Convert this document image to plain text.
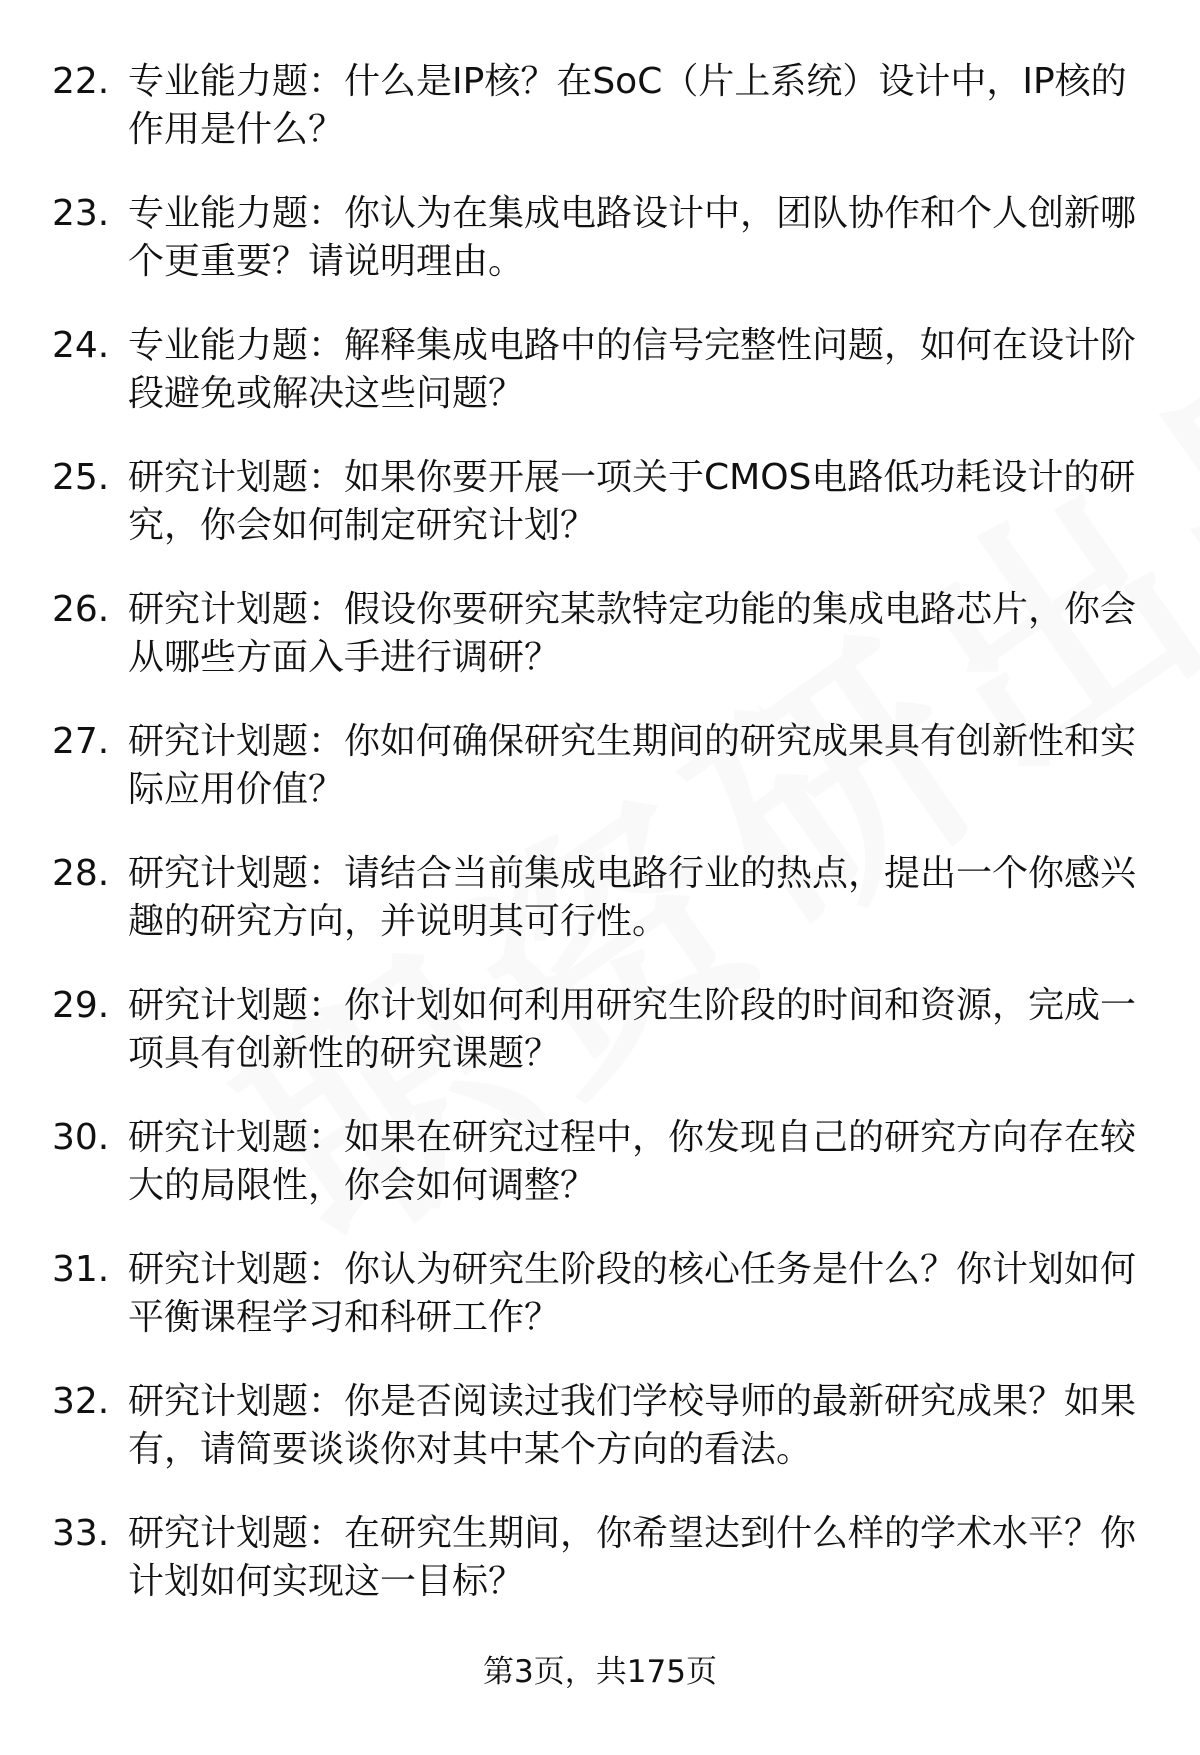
22. 专业能力题：什么是IP核？在SoC（片上系统）设计中，IP核的作用是什么？
23. 专业能力题：你认为在集成电路设计中，团队协作和个人创新哪个更重要？请说明理由。
24. 专业能力题：解释集成电路中的信号完整性问题，如何在设计阶段避免或解决这些问题？
25. 研究计划题：如果你要开展一项关于CMOS电路低功耗设计的研究，你会如何制定研究计划？
26. 研究计划题：假设你要研究某款特定功能的集成电路芯片，你会从哪些方面入手进行调研？
27. 研究计划题：你如何确保研究生期间的研究成果具有创新性和实际应用价值？
28. 研究计划题：请结合当前集成电路行业的热点，提出一个你感兴趣的研究方向，并说明其可行性。
29. 研究计划题：你计划如何利用研究生阶段的时间和资源，完成一项具有创新性的研究课题？
30. 研究计划题：如果在研究过程中，你发现自己的研究方向存在较大的局限性，你会如何调整？
31. 研究计划题：你认为研究生阶段的核心任务是什么？你计划如何平衡课程学习和科研工作？
32. 研究计划题：你是否阅读过我们学校导师的最新研究成果？如果有，请简要谈谈你对其中某个方向的看法。
33. 研究计划题：在研究生期间，你希望达到什么样的学术水平？你计划如何实现这一目标？
第3页，共175页
